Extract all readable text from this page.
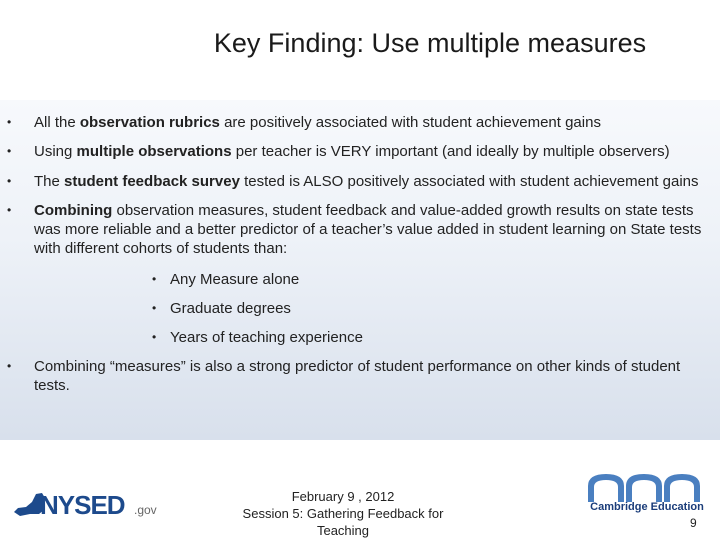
Key Finding: Use multiple measures
• All the observation rubrics are positively associated with student achievement gains
• Using multiple observations per teacher is VERY important (and ideally by multiple observers)
• The student feedback survey tested is ALSO positively associated with student achievement gains
• Combining observation measures, student feedback and value-added growth results on state tests was more reliable and a better predictor of a teacher’s value added in student learning on State tests with different cohorts of students than:
• Any Measure alone
• Graduate degrees
• Years of teaching experience
• Combining “measures” is also a strong predictor of student performance on other kinds of student tests.
NYSED .gov
February 9 , 2012
Session 5: Gathering Feedback for
Teaching
Cambridge Education
9
